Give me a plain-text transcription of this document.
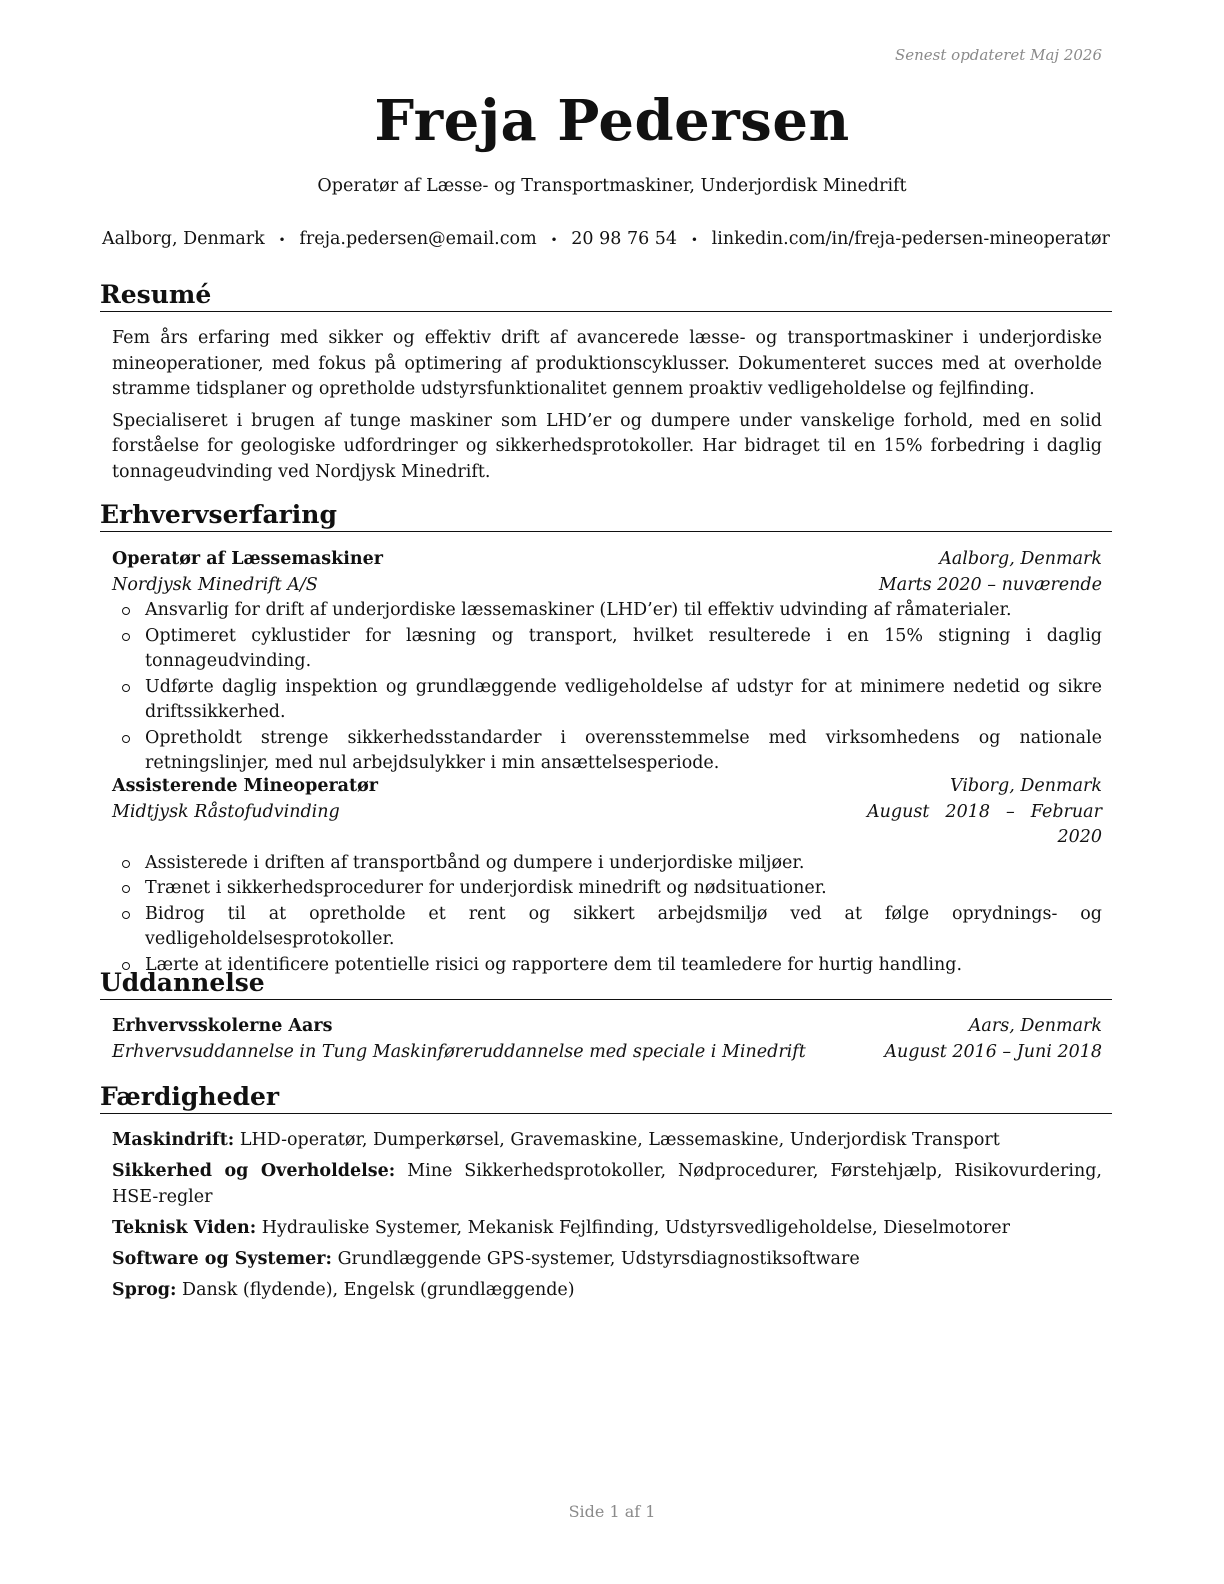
Senest opdateret Maj 2026
Freja Pedersen
Operatør af Læsse- og Transportmaskiner, Underjordisk Minedrift
Aalborg, Denmark • freja.pedersen@email.com • 20 98 76 54 • linkedin.com/in/freja-pedersen-mineoperatør
Resumé

Fem års erfaring med sikker og effektiv drift af avancerede læsse- og transportmaskiner i underjordiske mineoperationer, med fokus på optimering af produktionscyklusser. Dokumenteret succes med at overholde stramme tidsplaner og opretholde udstyrsfunktionalitet gennem proaktiv vedligeholdelse og fejlfinding.

Specialiseret i brugen af tunge maskiner som LHD’er og dumpere under vanskelige forhold, med en solid forståelse for geologiske udfordringer og sikkerhedsprotokoller. Har bidraget til en 15% forbedring i daglig tonnageudvinding ved Nordjysk Minedrift.

Erhvervserfaring
Operatør af Læssemaskiner	Aalborg, Denmark
Nordjysk Minedrift A/S	Marts 2020 – nuværende
Ansvarlig for drift af underjordiske læssemaskiner (LHD’er) til effektiv udvinding af råmaterialer.
Optimeret cyklustider for læsning og transport, hvilket resulterede i en 15% stigning i daglig tonnageudvinding.
Udførte daglig inspektion og grundlæggende vedligeholdelse af udstyr for at minimere nedetid og sikre driftssikkerhed.
Opretholdt strenge sikkerhedsstandarder i overensstemmelse med virksomhedens og nationale retningslinjer, med nul arbejdsulykker i min ansættelsesperiode.
Assisterende Mineoperatør	Viborg, Denmark
Midtjysk Råstofudvinding	August 2018 – Februar 2020
Assisterede i driften af transportbånd og dumpere i underjordiske miljøer.
Trænet i sikkerhedsprocedurer for underjordisk minedrift og nødsituationer.
Bidrog til at opretholde et rent og sikkert arbejdsmiljø ved at følge oprydnings- og vedligeholdelsesprotokoller.
Lærte at identificere potentielle risici og rapportere dem til teamledere for hurtig handling.
Uddannelse
Erhvervsskolerne Aars	Aars, Denmark
Erhvervsuddannelse in Tung Maskinføreruddannelse med speciale i Minedrift	August 2016 – Juni 2018
Færdigheder

Maskindrift: LHD-operatør, Dumperkørsel, Gravemaskine, Læssemaskine, Underjordisk Transport

Sikkerhed og Overholdelse: Mine Sikkerhedsprotokoller, Nødprocedurer, Førstehjælp, Risikovurdering, HSE-regler

Teknisk Viden: Hydrauliske Systemer, Mekanisk Fejlfinding, Udstyrsvedligeholdelse, Dieselmotorer

Software og Systemer: Grundlæggende GPS-systemer, Udstyrsdiagnostiksoftware

Sprog: Dansk (flydende), Engelsk (grundlæggende)

Side 1 af 1
